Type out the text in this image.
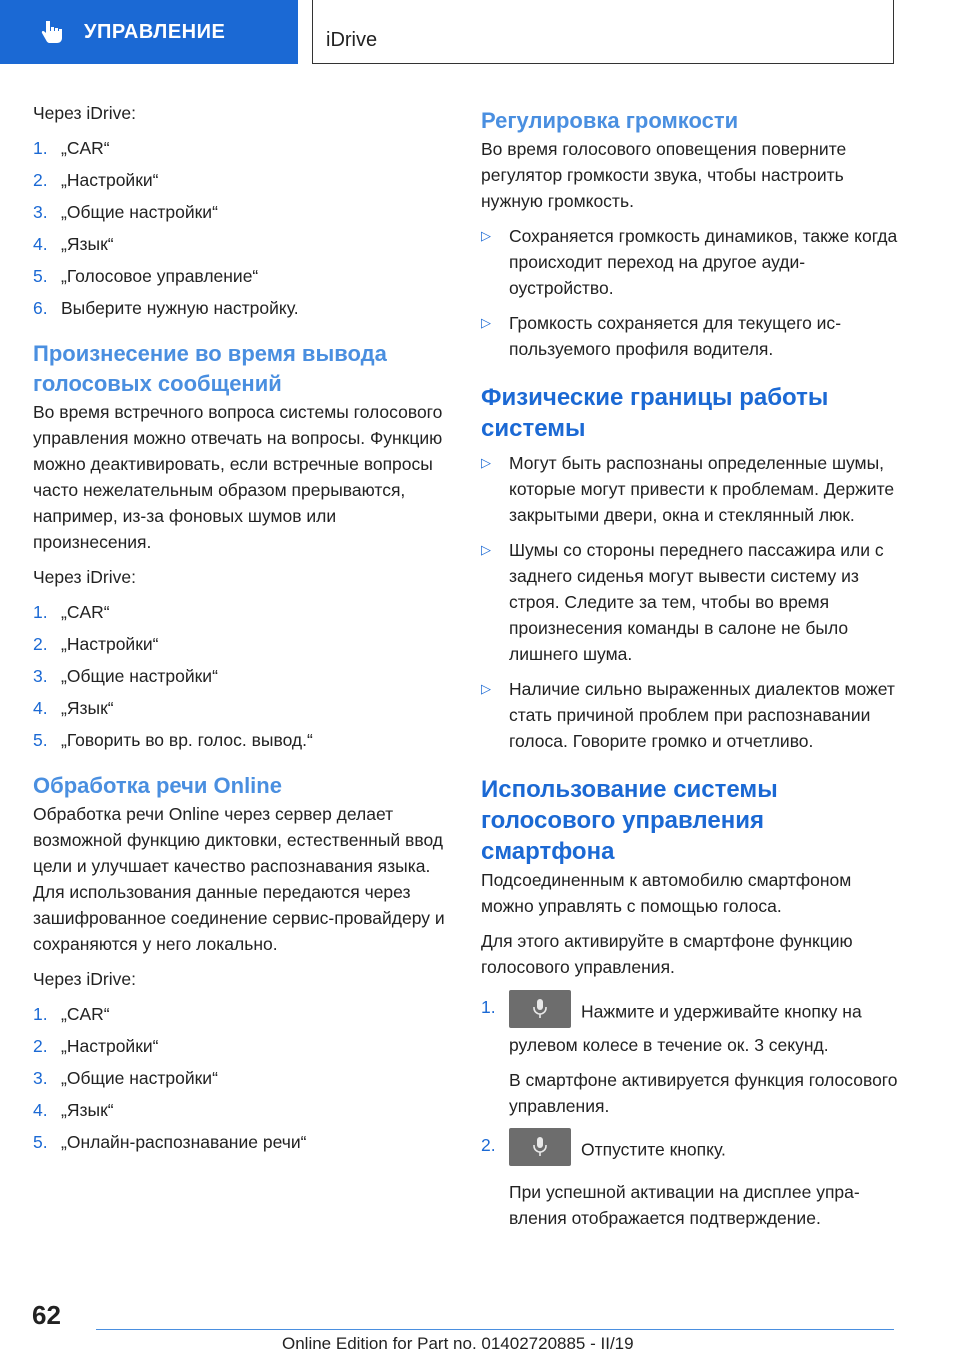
УПРАВЛЕНИЕ	iDrive

Через iDrive:

1. „CAR“
2. „Настройки“
3. „Общие настройки“
4. „Язык“
5. „Голосовое управление“
6. Выберите нужную настройку.
Произнесение во время вывода голосовых сообщений

Во время встречного вопроса системы голосового управления можно отвечать на вопросы. Функцию можно деактивировать, если встречные вопросы часто нежелательным образом прерываются, например, из-за фоновых шумов или произнесения.

Через iDrive:

1. „CAR“
2. „Настройки“
3. „Общие настройки“
4. „Язык“
5. „Говорить во вр. голос. вывод.“
Обработка речи Online

Обработка речи Online через сервер делает возможной функцию диктовки, естественный ввод цели и улучшает качество распознавания языка. Для использования данные передаются через зашифрованное соединение сервис-провайдеру и сохраняются у него локально.

Через iDrive:

1. „CAR“
2. „Настройки“
3. „Общие настройки“
4. „Язык“
5. „Онлайн-распознавание речи“
Регулировка громкости

Во время голосового оповещения поверните регулятор громкости звука, чтобы настроить нужную громкость.

▷	Сохраняется громкость динамиков, также когда происходит переход на другое аудиоустройство.
▷	Громкость сохраняется для текущего используемого профиля водителя.
Физические границы работы системы
▷	Могут быть распознаны определенные шумы, которые могут привести к проблемам. Держите закрытыми двери, окна и стеклянный люк.
▷	Шумы со стороны переднего пассажира или с заднего сиденья могут вывести систему из строя. Следите за тем, чтобы во время произнесения команды в салоне не было лишнего шума.
▷	Наличие сильно выраженных диалектов может стать причиной проблем при распознавании голоса. Говорите громко и отчетливо.
Использование системы голосового управления смартфона

Подсоединенным к автомобилю смартфоном можно управлять с помощью голоса.

Для этого активируйте в смартфоне функцию голосового управления.

1.	Нажмите и удерживайте кнопку на рулевом колесе в течение ок. 3 секунд.

В смартфоне активируется функция голосового управления.

2.	Отпустите кнопку.

При успешной активации на дисплее управления отображается подтверждение.

62
Online Edition for Part no. 01402720885 - II/19
